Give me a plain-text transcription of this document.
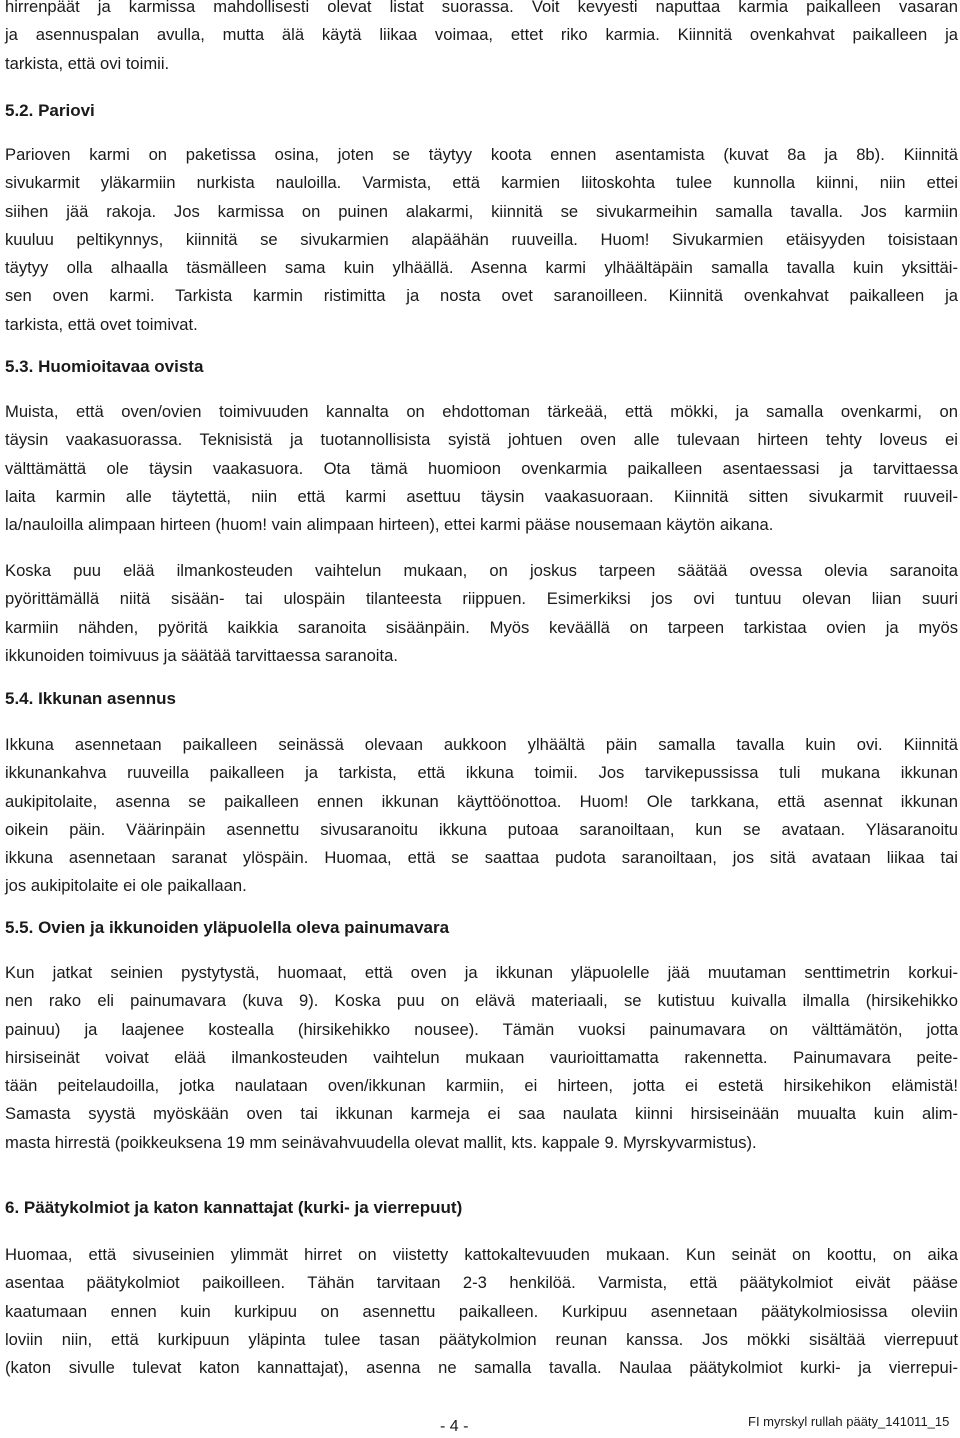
hirrenpäät ja karmissa mahdollisesti olevat listat suorassa. Voit kevyesti naputtaa karmia paikalleen vasaran
ja asennuspalan avulla, mutta älä käytä liikaa voimaa, ettet riko karmia. Kiinnitä ovenkahvat paikalleen ja
tarkista, että ovi toimii.
5.2. Pariovi
Parioven karmi on paketissa osina, joten se täytyy koota ennen asentamista (kuvat 8a ja 8b). Kiinnitä
sivukarmit yläkarmiin nurkista nauloilla. Varmista, että karmien liitoskohta tulee kunnolla kiinni, niin ettei
siihen jää rakoja. Jos karmissa on puinen alakarmi, kiinnitä se sivukarmeihin samalla tavalla. Jos karmiin
kuuluu peltikynnys, kiinnitä se sivukarmien alapäähän ruuveilla. Huom! Sivukarmien etäisyyden toisistaan
täytyy olla alhaalla täsmälleen sama kuin ylhäällä. Asenna karmi ylhäältäpäin samalla tavalla kuin yksittäi-
sen oven karmi. Tarkista karmin ristimitta ja nosta ovet saranoilleen. Kiinnitä ovenkahvat paikalleen ja
tarkista, että ovet toimivat.
5.3. Huomioitavaa ovista
Muista, että oven/ovien toimivuuden kannalta on ehdottoman tärkeää, että mökki, ja samalla ovenkarmi, on
täysin vaakasuorassa. Teknisistä ja tuotannollisista syistä johtuen oven alle tulevaan hirteen tehty loveus ei
välttämättä ole täysin vaakasuora. Ota tämä huomioon ovenkarmia paikalleen asentaessasi ja tarvittaessa
laita karmin alle täytettä, niin että karmi asettuu täysin vaakasuoraan. Kiinnitä sitten sivukarmit ruuveil-
la/nauloilla alimpaan hirteen (huom! vain alimpaan hirteen), ettei karmi pääse nousemaan käytön aikana.
Koska puu elää ilmankosteuden vaihtelun mukaan, on joskus tarpeen säätää ovessa olevia saranoita
pyörittämällä niitä sisään- tai ulospäin tilanteesta riippuen. Esimerkiksi jos ovi tuntuu olevan liian suuri
karmiin nähden, pyöritä kaikkia saranoita sisäänpäin. Myös keväällä on tarpeen tarkistaa ovien ja myös
ikkunoiden toimivuus ja säätää tarvittaessa saranoita.
5.4. Ikkunan asennus
Ikkuna asennetaan paikalleen seinässä olevaan aukkoon ylhäältä päin samalla tavalla kuin ovi. Kiinnitä
ikkunankahva ruuveilla paikalleen ja tarkista, että ikkuna toimii. Jos tarvikepussissa tuli mukana ikkunan
aukipitolaite, asenna se paikalleen ennen ikkunan käyttöönottoa. Huom! Ole tarkkana, että asennat ikkunan
oikein päin. Väärinpäin asennettu sivusaranoitu ikkuna putoaa saranoiltaan, kun se avataan. Yläsaranoitu
ikkuna asennetaan saranat ylöspäin. Huomaa, että se saattaa pudota saranoiltaan, jos sitä avataan liikaa tai
jos aukipitolaite ei ole paikallaan.
5.5. Ovien ja ikkunoiden yläpuolella oleva painumavara
Kun jatkat seinien pystytystä, huomaat, että oven ja ikkunan yläpuolelle jää muutaman senttimetrin korkui-
nen rako eli painumavara (kuva 9). Koska puu on elävä materiaali, se kutistuu kuivalla ilmalla (hirsikehikko
painuu) ja laajenee kostealla (hirsikehikko nousee). Tämän vuoksi painumavara on välttämätön, jotta
hirsiseinät voivat elää ilmankosteuden vaihtelun mukaan vaurioittamatta rakennetta. Painumavara peite-
tään peitelaudoilla, jotka naulataan oven/ikkunan karmiin, ei hirteen, jotta ei estetä hirsikehikon elämistä!
Samasta syystä myöskään oven tai ikkunan karmeja ei saa naulata kiinni hirsiseinään muualta kuin alim-
masta hirrestä (poikkeuksena 19 mm seinävahvuudella olevat mallit, kts. kappale 9. Myrskyvarmistus).
6. Päätykolmiot ja katon kannattajat (kurki- ja vierrepuut)
Huomaa, että sivuseinien ylimmät hirret on viistetty kattokaltevuuden mukaan. Kun seinät on koottu, on aika
asentaa päätykolmiot paikoilleen. Tähän tarvitaan 2-3 henkilöä. Varmista, että päätykolmiot eivät pääse
kaatumaan ennen kuin kurkipuu on asennettu paikalleen. Kurkipuu asennetaan päätykolmiosissa oleviin
loviin niin, että kurkipuun yläpinta tulee tasan päätykolmion reunan kanssa. Jos mökki sisältää vierrepuut
(katon sivulle tulevat katon kannattajat), asenna ne samalla tavalla. Naulaa päätykolmiot kurki- ja vierrepui-
- 4 -	FI myrskyl rullah pääty_141011_15
